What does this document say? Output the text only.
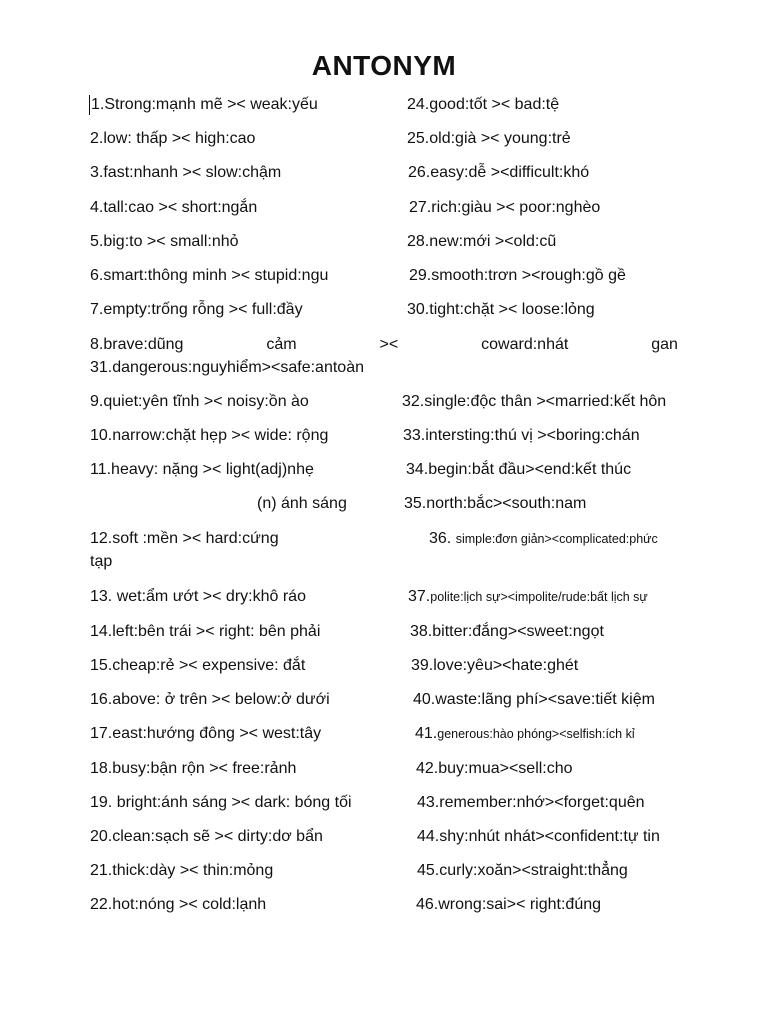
ANTONYM
1.Strong:mạnh mẽ >< weak:yếu
2.low: thấp >< high:cao
3.fast:nhanh >< slow:chậm
4.tall:cao >< short:ngắn
5.big:to >< small:nhỏ
6.smart:thông minh >< stupid:ngu
7.empty:trống rỗng >< full:đầy
8.brave:dũng	cảm	><	coward:nhát	gan
31.dangerous:nguyhiểm><safe:antoàn
9.quiet:yên tĩnh >< noisy:ồn ào
10.narrow:chặt hẹp >< wide: rộng
11.heavy: nặng >< light(adj)nhẹ
(n) ánh sáng
12.soft :mền >< hard:cứng
tạp
13. wet:ẩm ướt >< dry:khô ráo
14.left:bên trái >< right: bên phải
15.cheap:rẻ >< expensive: đắt
16.above: ở trên >< below:ở dưới
17.east:hướng đông >< west:tây
18.busy:bận rộn >< free:rảnh
19. bright:ánh sáng >< dark: bóng tối
20.clean:sạch sẽ >< dirty:dơ bẩn
21.thick:dày >< thin:mỏng
22.hot:nóng >< cold:lạnh
24.good:tốt >< bad:tệ
25.old:già >< young:trẻ
26.easy:dễ ><difficult:khó
27.rich:giàu >< poor:nghèo
28.new:mới ><old:cũ
29.smooth:trơn ><rough:gồ gề
30.tight:chặt >< loose:lỏng
32.single:độc thân ><married:kết hôn
33.intersting:thú vị ><boring:chán
34.begin:bắt đầu><end:kết thúc
35.north:bắc><south:nam
36. simple:đơn giản><complicated:phức
37.polite:lịch sự><impolite/rude:bất lịch sự
38.bitter:đắng><sweet:ngọt
39.love:yêu><hate:ghét
40.waste:lãng phí><save:tiết kiệm
41.generous:hào phóng><selfish:ích kỉ
42.buy:mua><sell:cho
43.remember:nhớ><forget:quên
44.shy:nhút nhát><confident:tự tin
45.curly:xoăn><straight:thẳng
46.wrong:sai>< right:đúng
